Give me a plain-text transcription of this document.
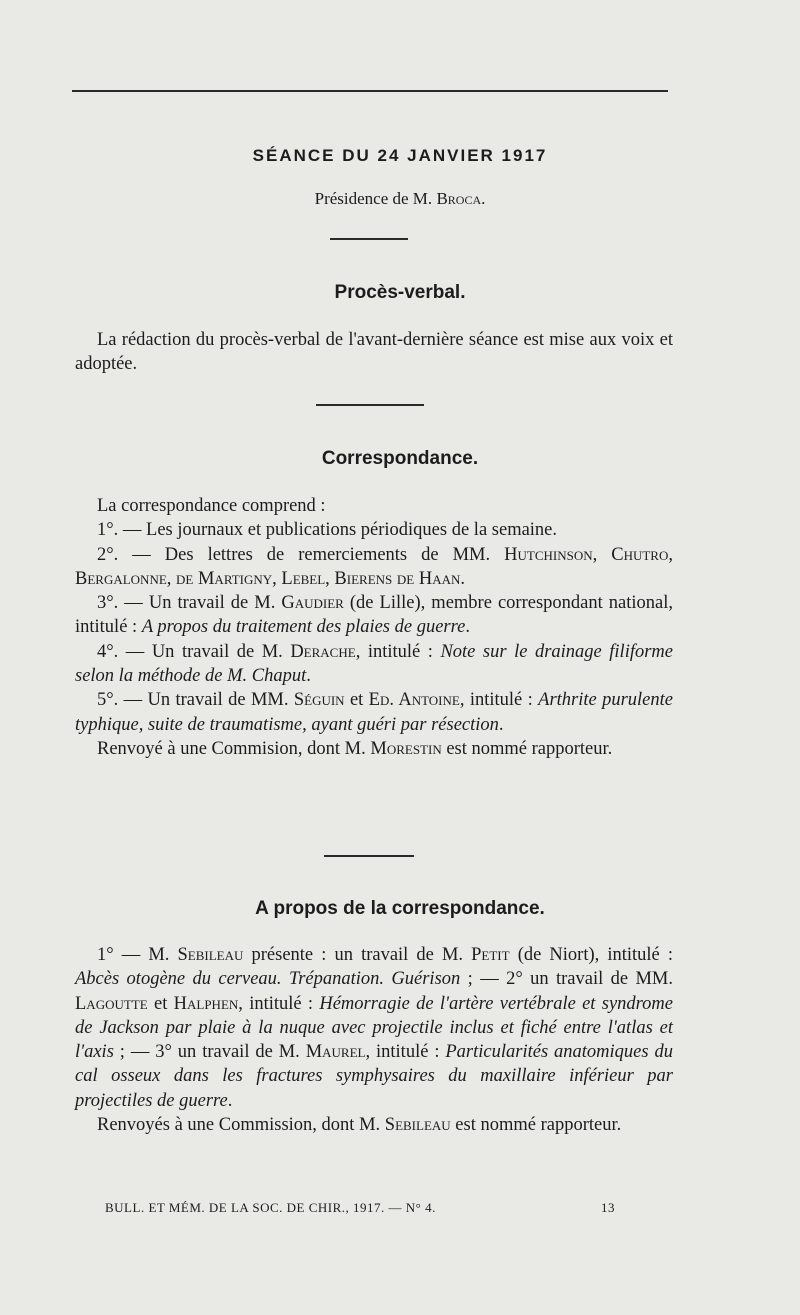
SÉANCE DU 24 JANVIER 1917
Présidence de M. Broca.
Procès-verbal.

La rédaction du procès-verbal de l'avant-dernière séance est mise aux voix et adoptée.

Correspondance.

La correspondance comprend :

1°. — Les journaux et publications périodiques de la semaine.

2°. — Des lettres de remerciements de MM. Hutchinson, Chutro, Bergalonne, de Martigny, Lebel, Bierens de Haan.

3°. — Un travail de M. Gaudier (de Lille), membre correspondant national, intitulé : A propos du traitement des plaies de guerre.

4°. — Un travail de M. Derache, intitulé : Note sur le drainage filiforme selon la méthode de M. Chaput.

5°. — Un travail de MM. Séguin et Ed. Antoine, intitulé : Arthrite purulente typhique, suite de traumatisme, ayant guéri par résection.

Renvoyé à une Commision, dont M. Morestin est nommé rapporteur.

A propos de la correspondance.

1° — M. Sebileau présente : un travail de M. Petit (de Niort), intitulé : Abcès otogène du cerveau. Trépanation. Guérison ; — 2° un travail de MM. Lagoutte et Halphen, intitulé : Hémorragie de l'artère vertébrale et syndrome de Jackson par plaie à la nuque avec projectile inclus et fiché entre l'atlas et l'axis ; — 3° un travail de M. Maurel, intitulé : Particularités anatomiques du cal osseux dans les fractures symphysaires du maxillaire inférieur par projectiles de guerre.

Renvoyés à une Commission, dont M. Sebileau est nommé rapporteur.

BULL. ET MÉM. DE LA SOC. DE CHIR., 1917. — N° 4.	13
